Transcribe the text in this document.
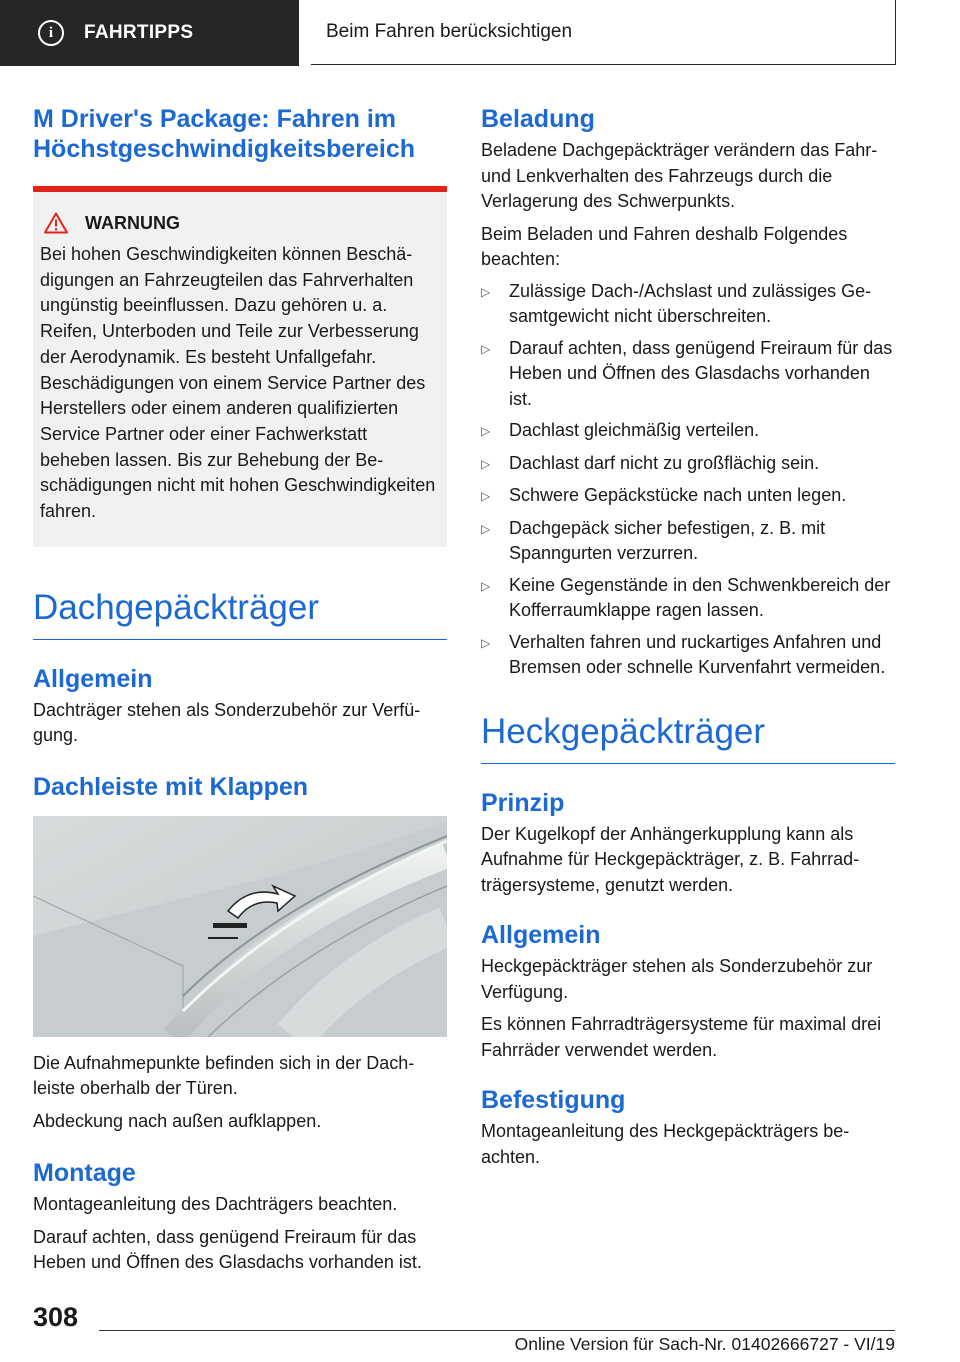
i	FAHRTIPPS	Beim Fahren berücksichtigen
M Driver's Package: Fahren im Höchstgeschwindigkeitsbereich
WARNUNG
Bei hohen Geschwindigkeiten können Beschädigungen an Fahrzeugteilen das Fahrverhalten ungünstig beeinflussen. Dazu gehören u. a. Reifen, Unterboden und Teile zur Verbesserung der Aerodynamik. Es besteht Unfallgefahr. Beschädigungen von einem Service Partner des Herstellers oder einem anderen qualifizierten Service Partner oder einer Fachwerkstatt beheben lassen. Bis zur Behebung der Beschädigungen nicht mit hohen Geschwindigkeiten fahren.
Dachgepäckträger
Allgemein

Dachträger stehen als Sonderzubehör zur Verfügung.

Dachleiste mit Klappen

Die Aufnahmepunkte befinden sich in der Dachleiste oberhalb der Türen.

Abdeckung nach außen aufklappen.

Montage

Montageanleitung des Dachträgers beachten.

Darauf achten, dass genügend Freiraum für das Heben und Öffnen des Glasdachs vorhanden ist.

Beladung

Beladene Dachgepäckträger verändern das Fahr- und Lenkverhalten des Fahrzeugs durch die Verlagerung des Schwerpunkts.

Beim Beladen und Fahren deshalb Folgendes beachten:

▷	Zulässige Dach-/Achslast und zulässiges Gesamtgewicht nicht überschreiten.
▷	Darauf achten, dass genügend Freiraum für das Heben und Öffnen des Glasdachs vorhanden ist.
▷	Dachlast gleichmäßig verteilen.
▷	Dachlast darf nicht zu großflächig sein.
▷	Schwere Gepäckstücke nach unten legen.
▷	Dachgepäck sicher befestigen, z. B. mit Spanngurten verzurren.
▷	Keine Gegenstände in den Schwenkbereich der Kofferraumklappe ragen lassen.
▷	Verhalten fahren und ruckartiges Anfahren und Bremsen oder schnelle Kurvenfahrt vermeiden.
Heckgepäckträger
Prinzip

Der Kugelkopf der Anhängerkupplung kann als Aufnahme für Heckgepäckträger, z. B. Fahrradträgersysteme, genutzt werden.

Allgemein

Heckgepäckträger stehen als Sonderzubehör zur Verfügung.

Es können Fahrradträgersysteme für maximal drei Fahrräder verwendet werden.

Befestigung

Montageanleitung des Heckgepäckträgers beachten.

308
Online Version für Sach-Nr. 01402666727 - VI/19
